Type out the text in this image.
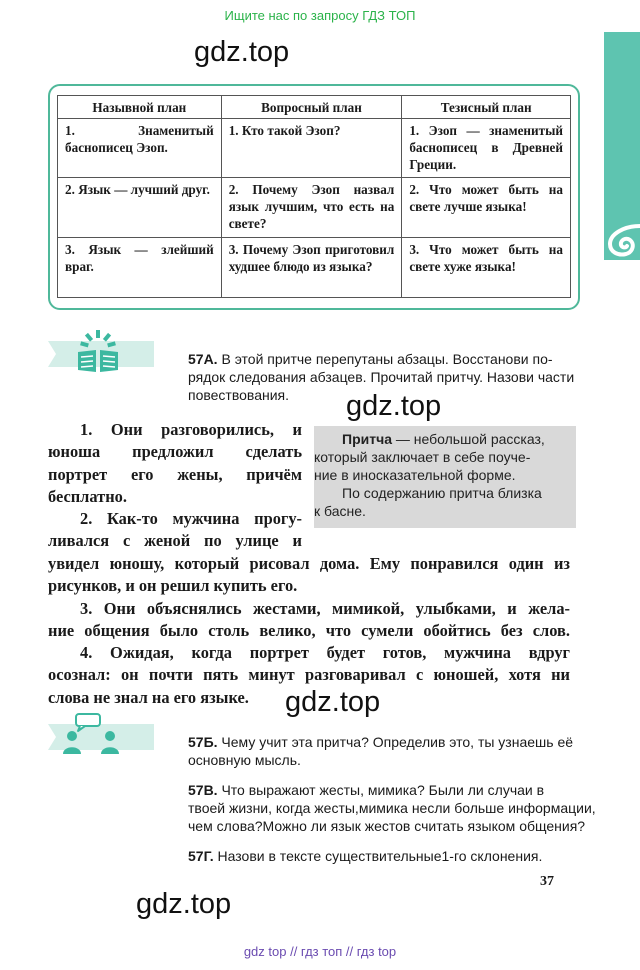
Ищите нас по запросу ГДЗ ТОП
gdz.top
gdz.top
gdz.top
gdz.top
Назывной план	Вопросный план	Тезисный план
1. Знаменитый баснописец Эзоп.	1. Кто такой Эзоп?	1. Эзоп — знаменитый баснописец в Древней Греции.
2. Язык — лучший друг.	2. Почему Эзоп назвал язык лучшим, что есть на свете?	2. Что может быть на свете лучше языка!
3. Язык — злейший враг.	3. Почему Эзоп приготовил худшее блюдо из языка?	3. Что может быть на свете хуже языка!
57А. В этой притче перепутаны абзацы. Восстанови по-
рядок следования абзацев. Прочитай притчу. Назови части
повествования.
Притча — небольшой рассказ,
который заключает в себе поуче-
ние в иносказательной форме.
По содержанию притча близка
к басне.
1. Они разговорились, и
юноша предложил сделать
портрет его жены, причём
бесплатно.
2. Как-то мужчина прогу-
ливался с женой по улице и
увидел юношу, который рисовал дома. Ему понравился один из
рисунков, и он решил купить его.
3. Они объяснялись жестами, мимикой, улыбками, и жела-
ние общения было столь велико, что сумели обойтись без слов.
4. Ожидая, когда портрет будет готов, мужчина вдруг
осознал: он почти пять минут разговаривал с юношей, хотя ни
слова не знал на его языке.
57Б. Чему учит эта притча? Определив это, ты узнаешь её
основную мысль.
57В. Что выражают жесты, мимика? Были ли случаи в
твоей жизни, когда жесты,мимика несли больше информации,
чем слова?Можно ли язык жестов считать языком общения?
57Г. Назови в тексте существительные1-го склонения.
37
gdz top // гдз топ // гдз top
